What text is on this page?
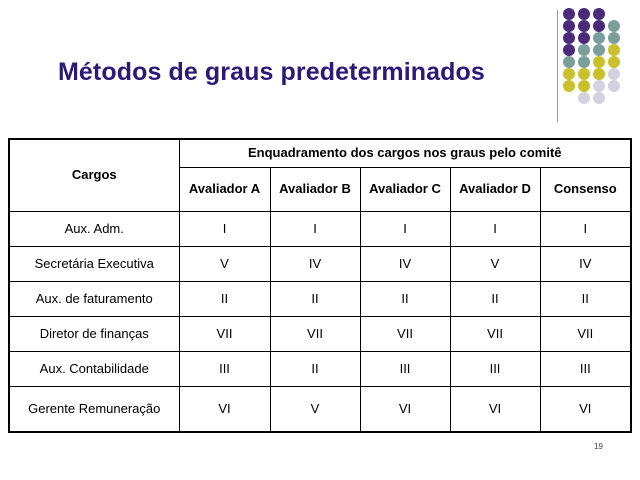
Métodos de graus predeterminados
Cargos	Enquadramento dos cargos nos graus pelo comitê				
	Avaliador A	Avaliador B	Avaliador C	Avaliador D	Consenso
Aux. Adm.	I	I	I	I	I
Secretária Executiva	V	IV	IV	V	IV
Aux. de faturamento	II	II	II	II	II
Diretor de finanças	VII	VII	VII	VII	VII
Aux. Contabilidade	III	II	III	III	III
Gerente Remuneração	VI	V	VI	VI	VI
19
